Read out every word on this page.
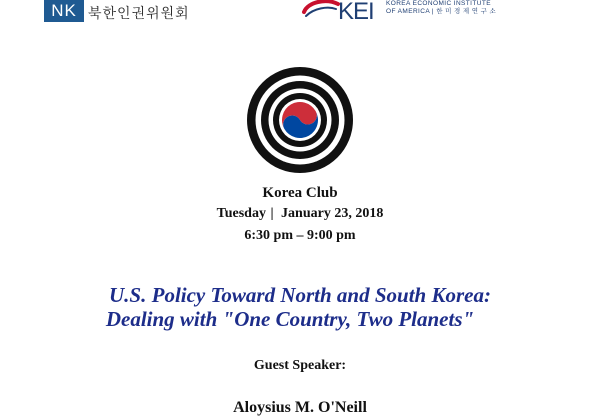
NK 북한인권위원회	KEI KOREA ECONOMIC INSTITUTE
OF AMERICA | 한 미 경 제 연 구 소
Korea Club
Tuesday | January 23, 2018
6:30 pm – 9:00 pm
U.S. Policy Toward North and South Korea:
Dealing with "One Country, Two Planets"
Guest Speaker:
Aloysius M. O'Neill
